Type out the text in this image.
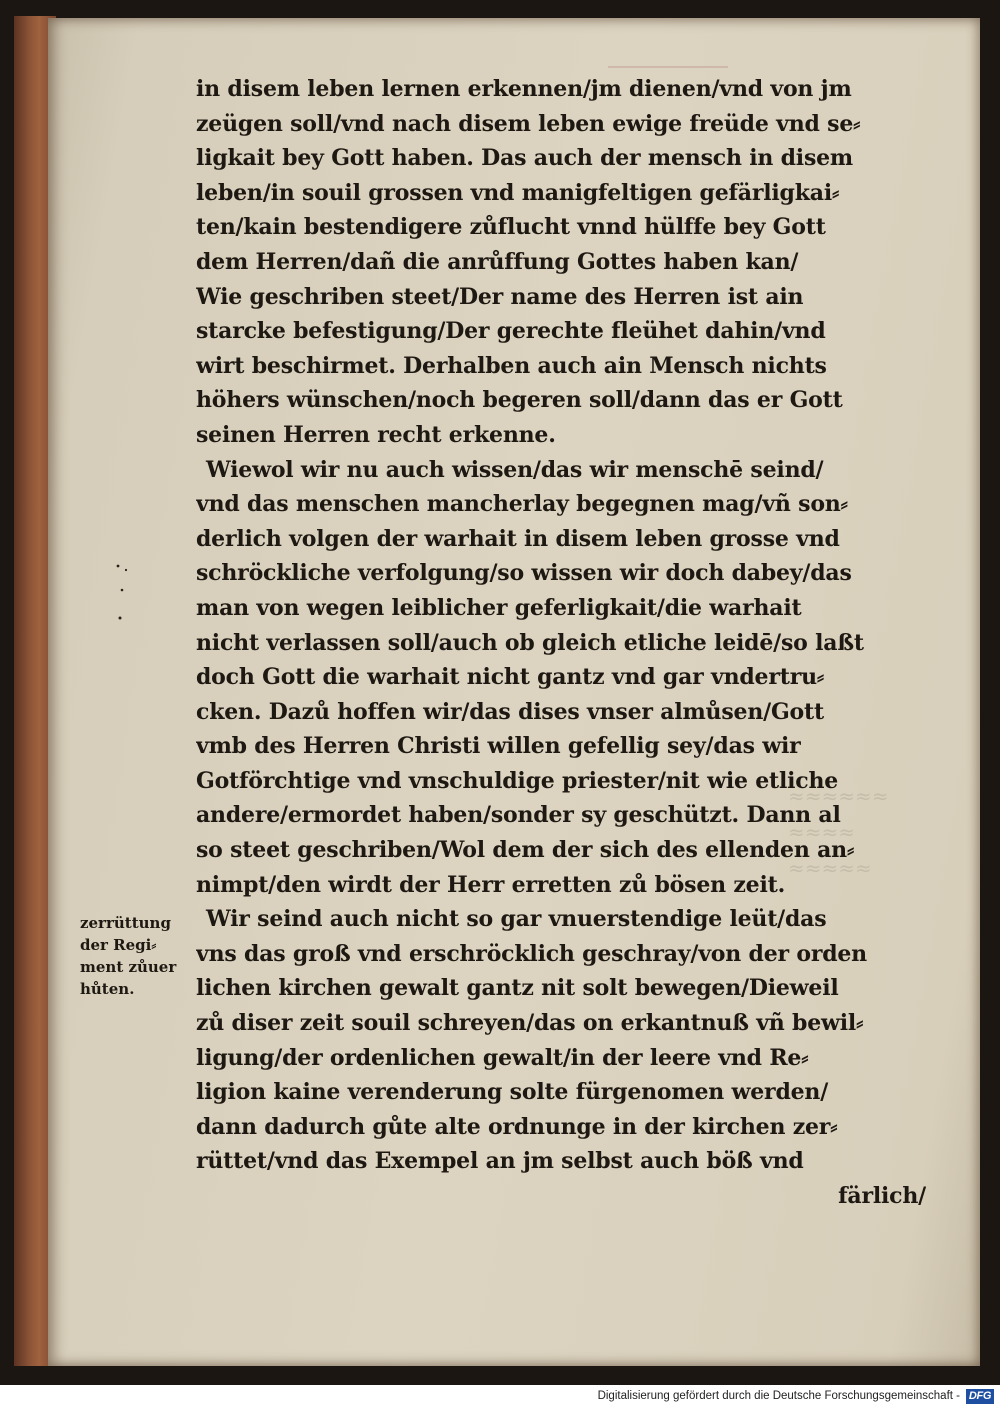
≈≈≈≈≈≈
≈≈≈≈
≈≈≈≈≈
in disem leben lernen erkennen/jm dienen/vnd von jm
zeügen soll/vnd nach disem leben ewige freüde vnd se⸗
ligkait bey Gott haben. Das auch der mensch in disem
leben/in souil grossen vnd manigfeltigen gefärligkai⸗
ten/kain bestendigere zůflucht vnnd hülffe bey Gott
dem Herren/dañ die anrůffung Gottes haben kan/
Wie geschriben steet/Der name des Herren ist ain
starcke befestigung/Der gerechte fleühet dahin/vnd
wirt beschirmet. Derhalben auch ain Mensch nichts
höhers wünschen/noch begeren soll/dann das er Gott
seinen Herren recht erkenne.
Wiewol wir nu auch wissen/das wir menschē seind/
vnd das menschen mancherlay begegnen mag/vñ son⸗
derlich volgen der warhait in disem leben grosse vnd
schröckliche verfolgung/so wissen wir doch dabey/das
man von wegen leiblicher geferligkait/die warhait
nicht verlassen soll/auch ob gleich etliche leidē/so laßt
doch Gott die warhait nicht gantz vnd gar vndertru⸗
cken. Dazů hoffen wir/das dises vnser almůsen/Gott
vmb des Herren Christi willen gefellig sey/das wir
Gotförchtige vnd vnschuldige priester/nit wie etliche
andere/ermordet haben/sonder sy geschützt. Dann al
so steet geschriben/Wol dem der sich des ellenden an⸗
nimpt/den wirdt der Herr erretten zů bösen zeit.
Wir seind auch nicht so gar vnuerstendige leüt/das
vns das groß vnd erschröcklich geschray/von der orden
lichen kirchen gewalt gantz nit solt bewegen/Dieweil
zů diser zeit souil schreyen/das on erkantnuß vñ bewil⸗
ligung/der ordenlichen gewalt/in der leere vnd Re⸗
ligion kaine verenderung solte fürgenomen werden/
dann dadurch gůte alte ordnunge in der kirchen zer⸗
rüttet/vnd das Exempel an jm selbst auch böß vnd
färlich/
zerrüttung
der Regi⸗
ment zůuer
hůten.
Digitalisierung gefördert durch die Deutsche Forschungsgemeinschaft - DFG
